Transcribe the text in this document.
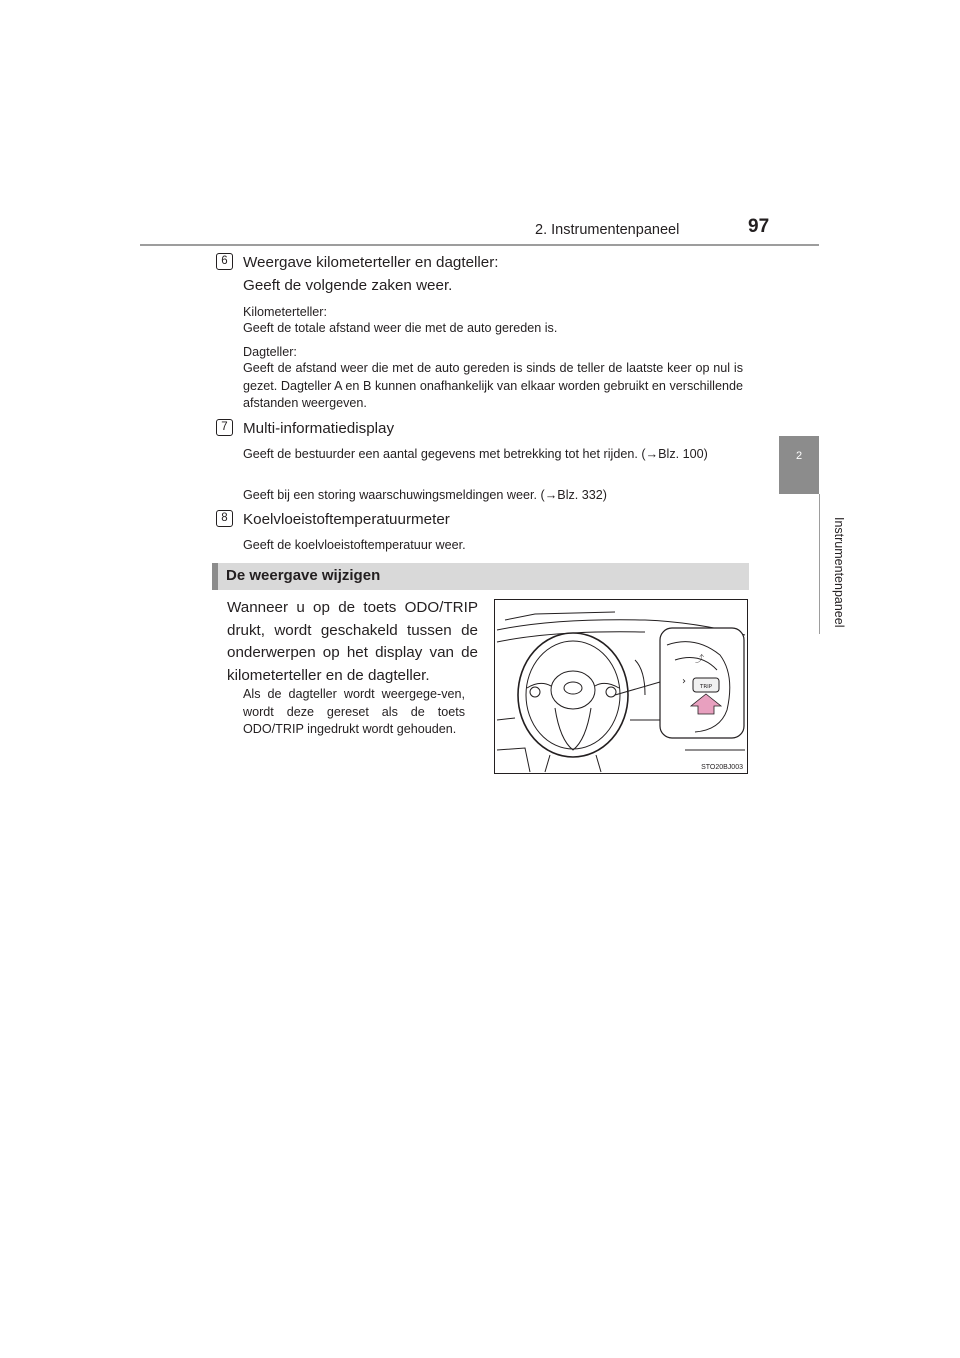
2. Instrumentenpaneel	97
2
Instrumentenpaneel
6	Weergave kilometerteller en dagteller:
Geeft de volgende zaken weer.
Kilometerteller:
Geeft de totale afstand weer die met de auto gereden is.
Dagteller:
Geeft de afstand weer die met de auto gereden is sinds de teller de laatste keer op nul is gezet. Dagteller A en B kunnen onafhankelijk van elkaar worden gebruikt en verschillende afstanden weergeven.
7	Multi-informatiedisplay
Geeft de bestuurder een aantal gegevens met betrekking tot het rijden. (→Blz. 100)
Geeft bij een storing waarschuwingsmeldingen weer. (→Blz. 332)
8	Koelvloeistoftemperatuurmeter
Geeft de koelvloeistoftemperatuur weer.
De weergave wijzigen
Wanneer u op de toets ODO/TRIP drukt, wordt geschakeld tussen de onderwerpen op het display van de kilometerteller en de dagteller.
Als de dagteller wordt weergege-ven, wordt deze gereset als de toets ODO/TRIP ingedrukt wordt gehouden.
⤴
›	TRIP
STO20BJ003
